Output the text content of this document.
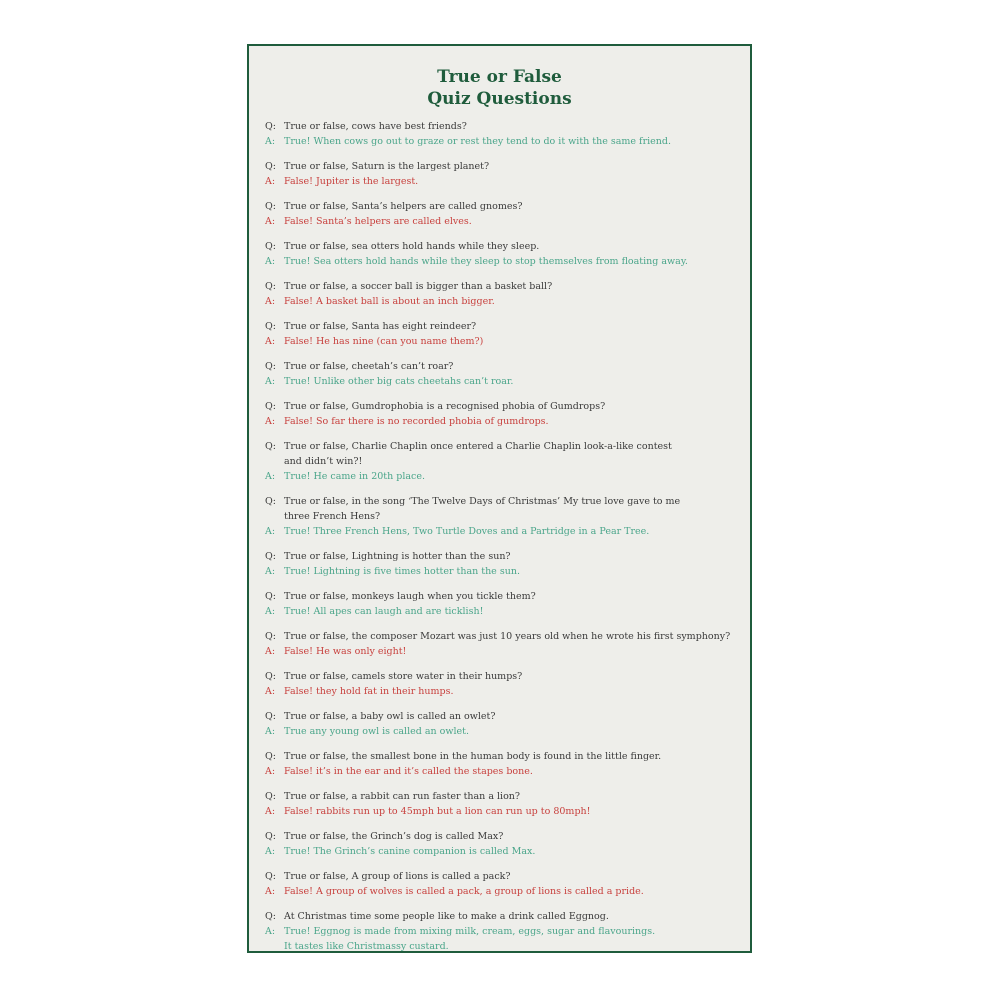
True or False
Quiz Questions
Q: True or false, cows have best friends?
A: True! When cows go out to graze or rest they tend to do it with the same friend.
Q: True or false, Saturn is the largest planet?
A: False! Jupiter is the largest.
Q: True or false, Santa’s helpers are called gnomes?
A: False! Santa’s helpers are called elves.
Q: True or false, sea otters hold hands while they sleep.
A: True! Sea otters hold hands while they sleep to stop themselves from floating away.
Q: True or false, a soccer ball is bigger than a basket ball?
A: False! A basket ball is about an inch bigger.
Q: True or false, Santa has eight reindeer?
A: False! He has nine (can you name them?)
Q: True or false, cheetah’s can’t roar?
A: True! Unlike other big cats cheetahs can’t roar.
Q: True or false, Gumdrophobia is a recognised phobia of Gumdrops?
A: False! So far there is no recorded phobia of gumdrops.
Q: True or false, Charlie Chaplin once entered a Charlie Chaplin look-a-like contest
and didn’t win?!
A: True! He came in 20th place.
Q: True or false, in the song ‘The Twelve Days of Christmas’ My true love gave to me
three French Hens?
A: True! Three French Hens, Two Turtle Doves and a Partridge in a Pear Tree.
Q: True or false, Lightning is hotter than the sun?
A: True! Lightning is five times hotter than the sun.
Q: True or false, monkeys laugh when you tickle them?
A: True! All apes can laugh and are ticklish!
Q: True or false, the composer Mozart was just 10 years old when he wrote his first symphony?
A: False! He was only eight!
Q: True or false, camels store water in their humps?
A: False! they hold fat in their humps.
Q: True or false, a baby owl is called an owlet?
A: True any young owl is called an owlet.
Q: True or false, the smallest bone in the human body is found in the little finger.
A: False! it’s in the ear and it’s called the stapes bone.
Q: True or false, a rabbit can run faster than a lion?
A: False! rabbits run up to 45mph but a lion can run up to 80mph!
Q: True or false, the Grinch’s dog is called Max?
A: True! The Grinch’s canine companion is called Max.
Q: True or false, A group of lions is called a pack?
A: False! A group of wolves is called a pack, a group of lions is called a pride.
Q: At Christmas time some people like to make a drink called Eggnog.
A: True! Eggnog is made from mixing milk, cream, eggs, sugar and flavourings.
It tastes like Christmassy custard.
